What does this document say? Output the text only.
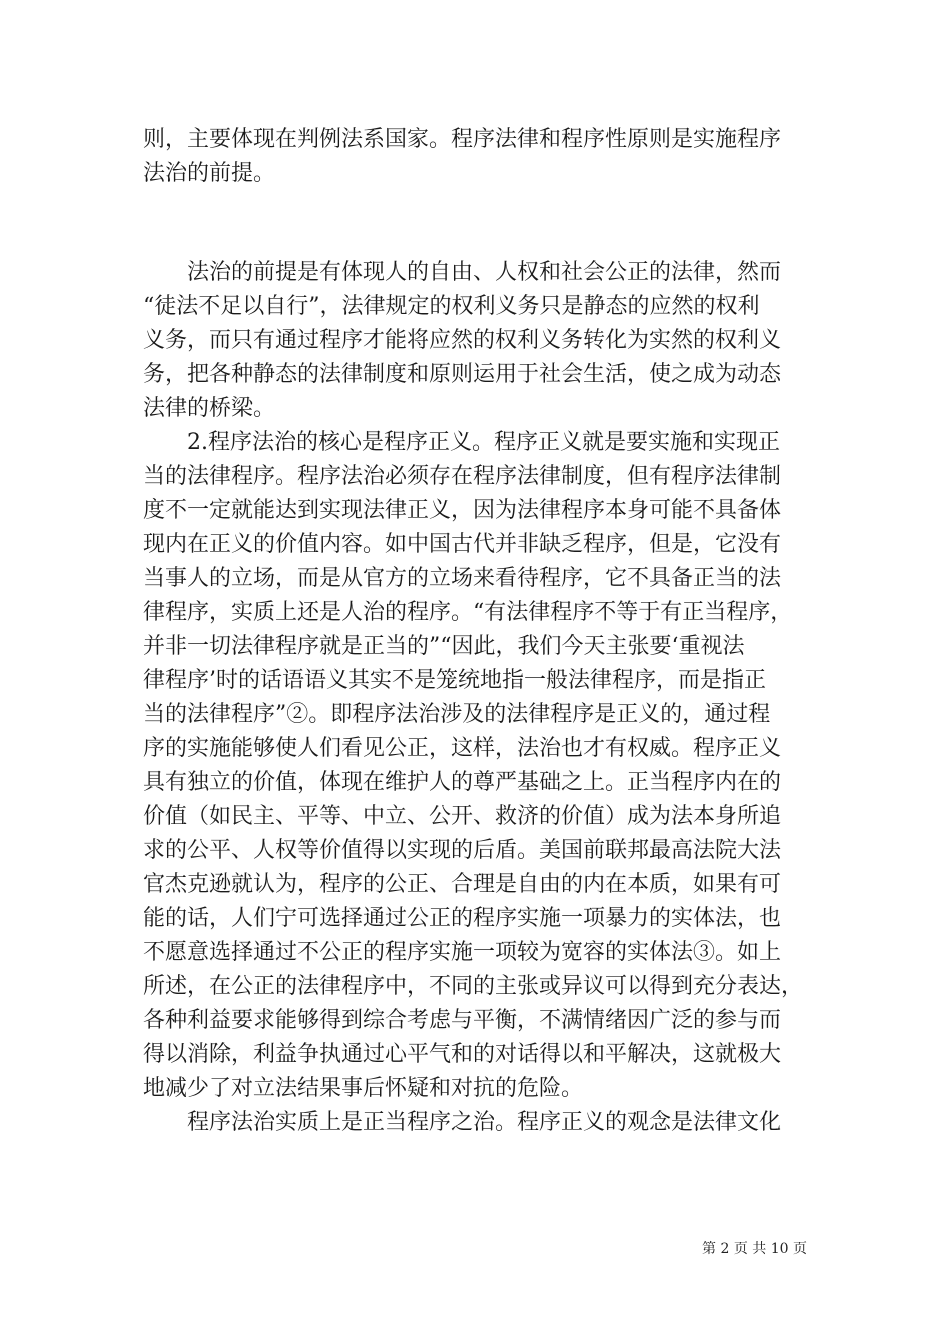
则，主要体现在判例法系国家。程序法律和程序性原则是实施程序
法治的前提。
　　法治的前提是有体现人的自由、人权和社会公正的法律，然而
“徒法不足以自行”，法律规定的权利义务只是静态的应然的权利
义务，而只有通过程序才能将应然的权利义务转化为实然的权利义
务，把各种静态的法律制度和原则运用于社会生活，使之成为动态
法律的桥梁。
　　2.程序法治的核心是程序正义。程序正义就是要实施和实现正
当的法律程序。程序法治必须存在程序法律制度，但有程序法律制
度不一定就能达到实现法律正义，因为法律程序本身可能不具备体
现内在正义的价值内容。如中国古代并非缺乏程序，但是，它没有
当事人的立场，而是从官方的立场来看待程序，它不具备正当的法
律程序，实质上还是人治的程序。“有法律程序不等于有正当程序，
并非一切法律程序就是正当的”“因此，我们今天主张要‘重视法
律程序’时的话语语义其实不是笼统地指一般法律程序，而是指正
当的法律程序”②。即程序法治涉及的法律程序是正义的，通过程
序的实施能够使人们看见公正，这样，法治也才有权威。程序正义
具有独立的价值，体现在维护人的尊严基础之上。正当程序内在的
价值（如民主、平等、中立、公开、救济的价值）成为法本身所追
求的公平、人权等价值得以实现的后盾。美国前联邦最高法院大法
官杰克逊就认为，程序的公正、合理是自由的内在本质，如果有可
能的话，人们宁可选择通过公正的程序实施一项暴力的实体法，也
不愿意选择通过不公正的程序实施一项较为宽容的实体法③。如上
所述，在公正的法律程序中，不同的主张或异议可以得到充分表达，
各种利益要求能够得到综合考虑与平衡，不满情绪因广泛的参与而
得以消除，利益争执通过心平气和的对话得以和平解决，这就极大
地减少了对立法结果事后怀疑和对抗的危险。
　　程序法治实质上是正当程序之治。程序正义的观念是法律文化
第 2 页 共 10 页
